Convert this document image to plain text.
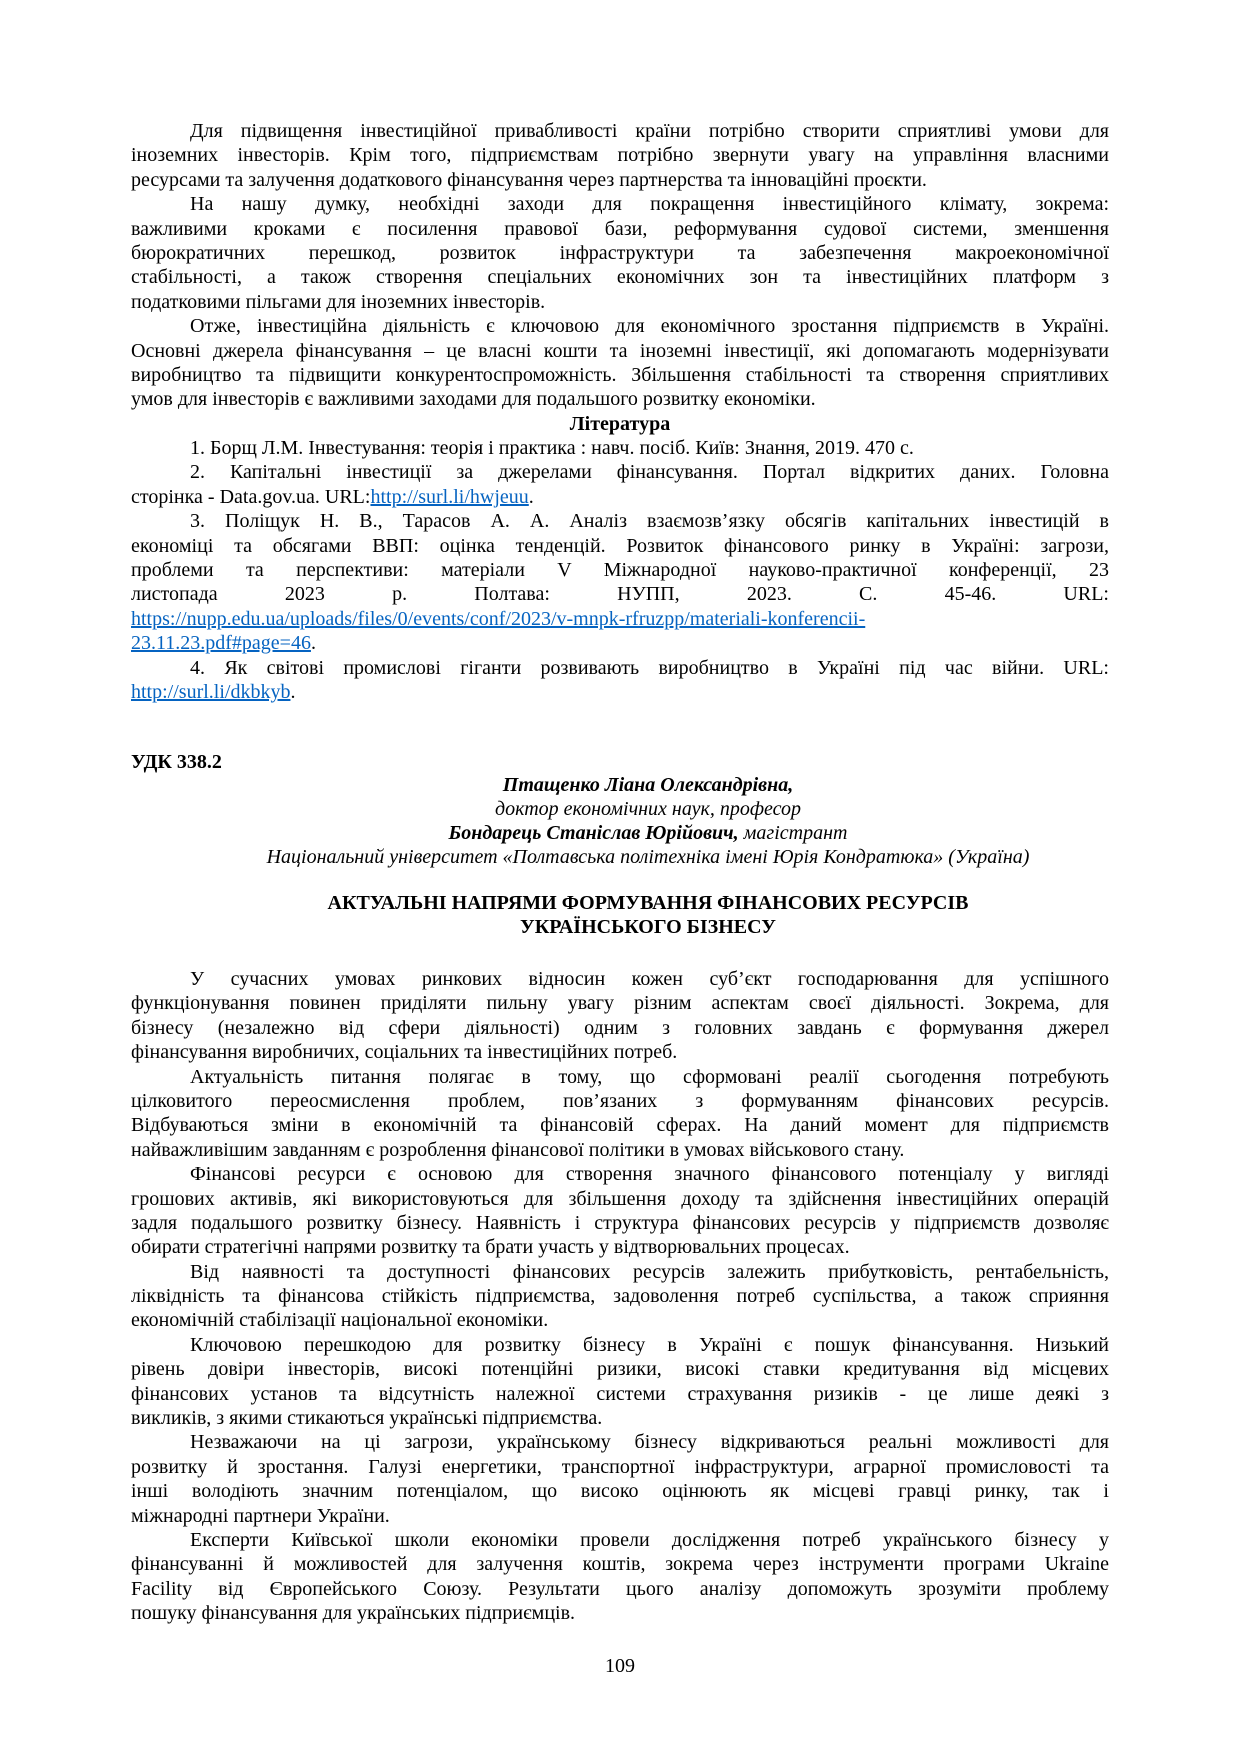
Для підвищення інвестиційної привабливості країни потрібно створити сприятливі умови для
іноземних інвесторів. Крім того, підприємствам потрібно звернути увагу на управління власними
ресурсами та залучення додаткового фінансування через партнерства та інноваційні проєкти.
На нашу думку, необхідні заходи для покращення інвестиційного клімату, зокрема:
важливими кроками є посилення правової бази, реформування судової системи, зменшення
бюрократичних перешкод, розвиток інфраструктури та забезпечення макроекономічної
стабільності, а також створення спеціальних економічних зон та інвестиційних платформ з
податковими пільгами для іноземних інвесторів.
Отже, інвестиційна діяльність є ключовою для економічного зростання підприємств в Україні.
Основні джерела фінансування – це власні кошти та іноземні інвестиції, які допомагають модернізувати
виробництво та підвищити конкурентоспроможність. Збільшення стабільності та створення сприятливих
умов для інвесторів є важливими заходами для подальшого розвитку економіки.
Література
1. Борщ Л.М. Інвестування: теорія і практика : навч. посіб. Київ: Знання, 2019. 470 с.
2. Капітальні інвестиції за джерелами фінансування. Портал відкритих даних. Головна
сторінка - Data.gov.ua. URL:http://surl.li/hwjeuu.
3. Поліщук Н. В., Тарасов А. А. Аналіз взаємозв’язку обсягів капітальних інвестицій в
економіці та обсягами ВВП: оцінка тенденцій. Розвиток фінансового ринку в Україні: загрози,
проблеми та перспективи: матеріали V Міжнародної науково-практичної конференції, 23
листопада 2023 р. Полтава: НУПП, 2023. С. 45-46. URL:
https://nupp.edu.ua/uploads/files/0/events/conf/2023/v-mnpk-rfruzpp/materiali-konferencii-
23.11.23.pdf#page=46.
4. Як світові промислові гіганти розвивають виробництво в Україні під час війни. URL:
http://surl.li/dkbkyb.
УДК 338.2
Птащенко Ліана Олександрівна,
доктор економічних наук, професор
Бондарець Станіслав Юрійович, магістрант
Національний університет «Полтавська політехніка імені Юрія Кондратюка» (Україна)
АКТУАЛЬНІ НАПРЯМИ ФОРМУВАННЯ ФІНАНСОВИХ РЕСУРСІВ
УКРАЇНСЬКОГО БІЗНЕСУ
У сучасних умовах ринкових відносин кожен суб’єкт господарювання для успішного
функціонування повинен приділяти пильну увагу різним аспектам своєї діяльності. Зокрема, для
бізнесу (незалежно від сфери діяльності) одним з головних завдань є формування джерел
фінансування виробничих, соціальних та інвестиційних потреб.
Актуальність питання полягає в тому, що сформовані реалії сьогодення потребують
цілковитого переосмислення проблем, пов’язаних з формуванням фінансових ресурсів.
Відбуваються зміни в економічній та фінансовій сферах. На даний момент для підприємств
найважливішим завданням є розроблення фінансової політики в умовах військового стану.
Фінансові ресурси є основою для створення значного фінансового потенціалу у вигляді
грошових активів, які використовуються для збільшення доходу та здійснення інвестиційних операцій
задля подальшого розвитку бізнесу. Наявність і структура фінансових ресурсів у підприємств дозволяє
обирати стратегічні напрями розвитку та брати участь у відтворювальних процесах.
Від наявності та доступності фінансових ресурсів залежить прибутковість, рентабельність,
ліквідність та фінансова стійкість підприємства, задоволення потреб суспільства, а також сприяння
економічній стабілізації національної економіки.
Ключовою перешкодою для розвитку бізнесу в Україні є пошук фінансування. Низький
рівень довіри інвесторів, високі потенційні ризики, високі ставки кредитування від місцевих
фінансових установ та відсутність належної системи страхування ризиків - це лише деякі з
викликів, з якими стикаються українські підприємства.
Незважаючи на ці загрози, українському бізнесу відкриваються реальні можливості для
розвитку й зростання. Галузі енергетики, транспортної інфраструктури, аграрної промисловості та
інші володіють значним потенціалом, що високо оцінюють як місцеві гравці ринку, так і
міжнародні партнери України.
Експерти Київської школи економіки провели дослідження потреб українського бізнесу у
фінансуванні й можливостей для залучення коштів, зокрема через інструменти програми Ukraine
Facility від Європейського Союзу. Результати цього аналізу допоможуть зрозуміти проблему
пошуку фінансування для українських підприємців.
109
